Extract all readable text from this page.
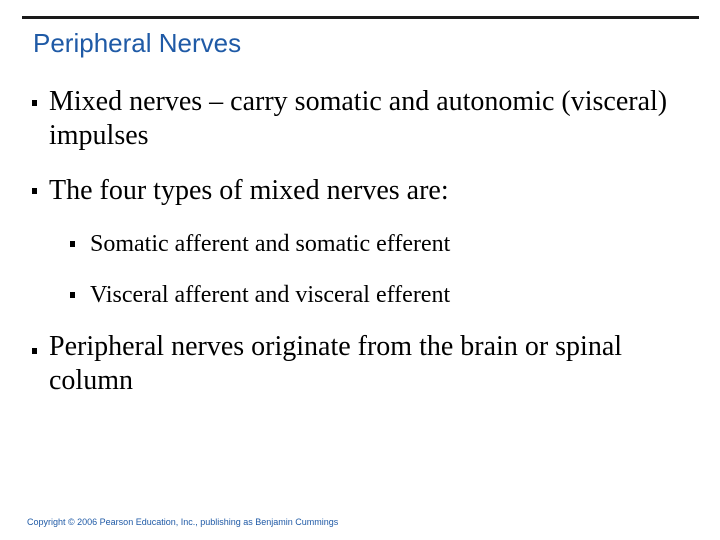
Peripheral Nerves
Mixed nerves – carry somatic and autonomic (visceral) impulses
The four types of mixed nerves are:
Somatic afferent and somatic efferent
Visceral afferent and visceral efferent
Peripheral nerves originate from the brain or spinal column
Copyright © 2006 Pearson Education, Inc., publishing as Benjamin Cummings
